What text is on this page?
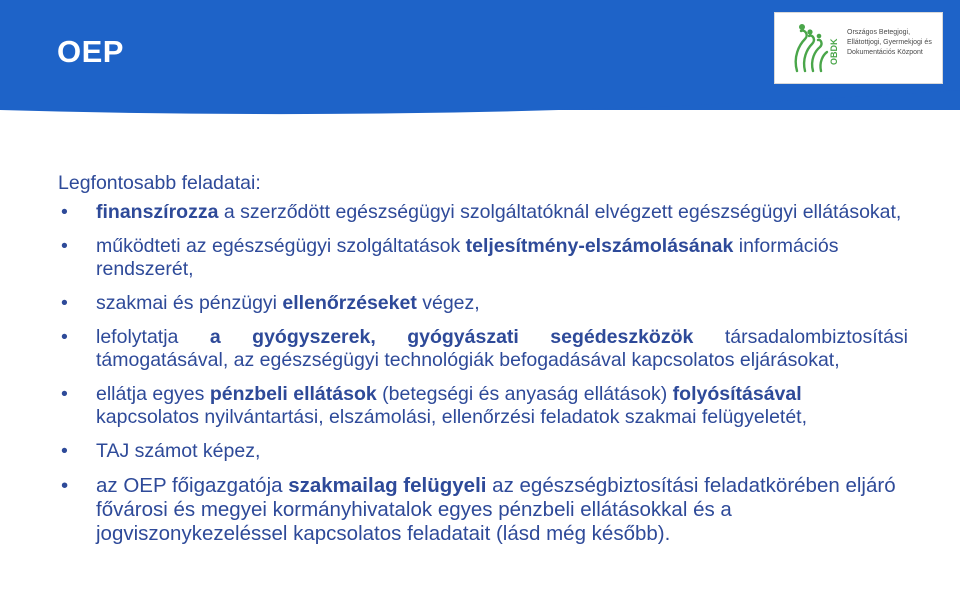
OEP	OBDK
Országos Betegjogi,
Ellátottjogi, Gyermekjogi és
Dokumentációs Központ
Legfontosabb feladatai:
• finanszírozza a szerződött egészségügyi szolgáltatóknál elvégzett egészségügyi ellátásokat,
• működteti az egészségügyi szolgáltatások teljesítmény-elszámolásának információs rendszerét,
• szakmai és pénzügyi ellenőrzéseket végez,
• lefolytatja a gyógyszerek, gyógyászati segédeszközök társadalombiztosítási támogatásával, az egészségügyi technológiák befogadásával kapcsolatos eljárásokat,
• ellátja egyes pénzbeli ellátások (betegségi és anyaság ellátások) folyósításával kapcsolatos nyilvántartási, elszámolási, ellenőrzési feladatok szakmai felügyeletét,
• TAJ számot képez,
• az OEP főigazgatója szakmailag felügyeli az egészségbiztosítási feladatkörében eljáró fővárosi és megyei kormányhivatalok egyes pénzbeli ellátásokkal és a jogviszonykezeléssel kapcsolatos feladatait (lásd még később).
